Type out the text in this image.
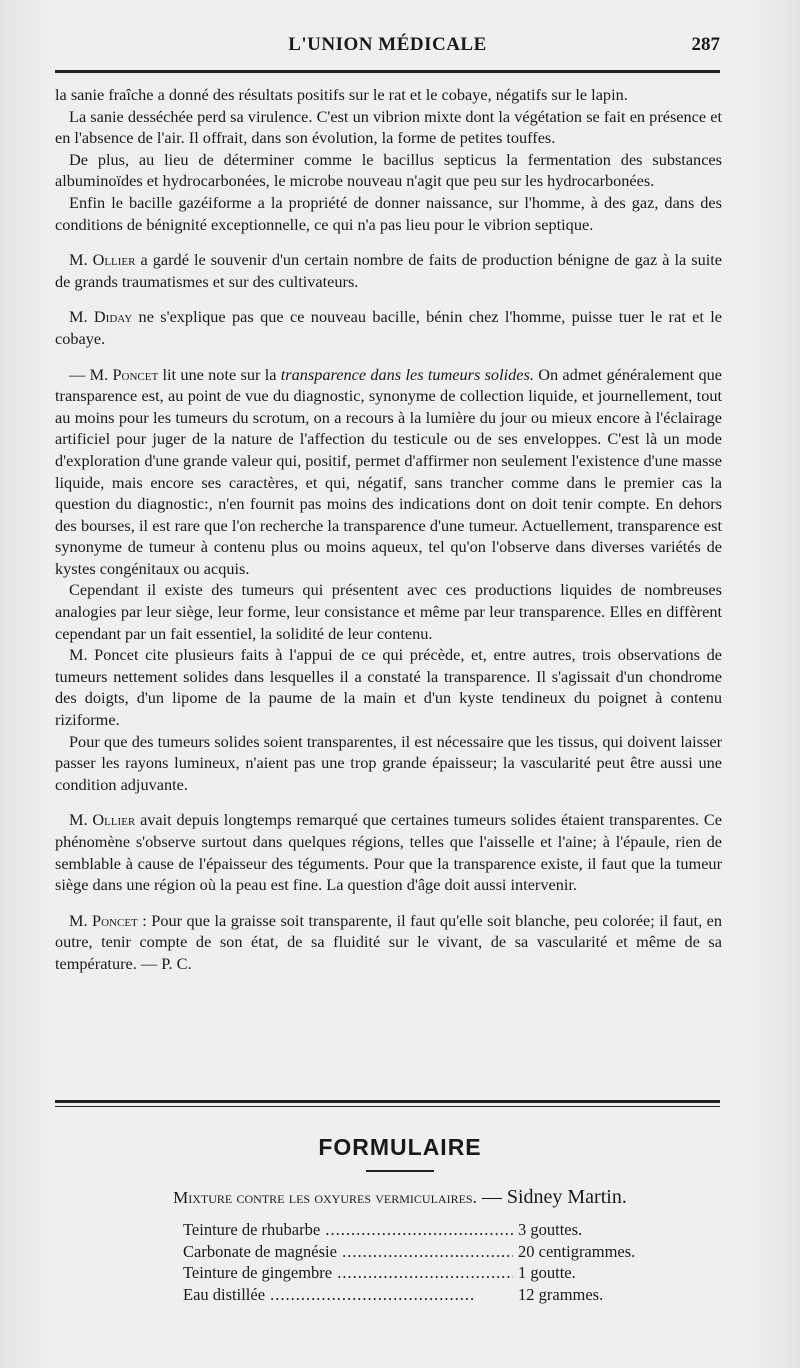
L'UNION MÉDICALE	287

la sanie fraîche a donné des résultats positifs sur le rat et le cobaye, négatifs sur le lapin.

La sanie desséchée perd sa virulence. C'est un vibrion mixte dont la végétation se fait en présence et en l'absence de l'air. Il offrait, dans son évolution, la forme de petites touffes.

De plus, au lieu de déterminer comme le bacillus septicus la fermentation des substances albuminoïdes et hydrocarbonées, le microbe nouveau n'agit que peu sur les hydrocarbonées.

Enfin le bacille gazéiforme a la propriété de donner naissance, sur l'homme, à des gaz, dans des conditions de bénignité exceptionnelle, ce qui n'a pas lieu pour le vibrion septique.

M. Ollier a gardé le souvenir d'un certain nombre de faits de production bénigne de gaz à la suite de grands traumatismes et sur des cultivateurs.

M. Diday ne s'explique pas que ce nouveau bacille, bénin chez l'homme, puisse tuer le rat et le cobaye.

— M. Poncet lit une note sur la transparence dans les tumeurs solides. On admet généralement que transparence est, au point de vue du diagnostic, synonyme de collection liquide, et journellement, tout au moins pour les tumeurs du scrotum, on a recours à la lumière du jour ou mieux encore à l'éclairage artificiel pour juger de la nature de l'affection du testicule ou de ses enveloppes. C'est là un mode d'exploration d'une grande valeur qui, positif, permet d'affirmer non seulement l'existence d'une masse liquide, mais encore ses caractères, et qui, négatif, sans trancher comme dans le premier cas la question du diagnostic:, n'en fournit pas moins des indications dont on doit tenir compte. En dehors des bourses, il est rare que l'on recherche la transparence d'une tumeur. Actuellement, transparence est synonyme de tumeur à contenu plus ou moins aqueux, tel qu'on l'observe dans diverses variétés de kystes congénitaux ou acquis.

Cependant il existe des tumeurs qui présentent avec ces productions liquides de nombreuses analogies par leur siège, leur forme, leur consistance et même par leur transparence. Elles en diffèrent cependant par un fait essentiel, la solidité de leur contenu.

M. Poncet cite plusieurs faits à l'appui de ce qui précède, et, entre autres, trois observations de tumeurs nettement solides dans lesquelles il a constaté la transparence. Il s'agissait d'un chondrome des doigts, d'un lipome de la paume de la main et d'un kyste tendineux du poignet à contenu riziforme.

Pour que des tumeurs solides soient transparentes, il est nécessaire que les tissus, qui doivent laisser passer les rayons lumineux, n'aient pas une trop grande épaisseur; la vascularité peut être aussi une condition adjuvante.

M. Ollier avait depuis longtemps remarqué que certaines tumeurs solides étaient transparentes. Ce phénomène s'observe surtout dans quelques régions, telles que l'aisselle et l'aine; à l'épaule, rien de semblable à cause de l'épaisseur des téguments. Pour que la transparence existe, il faut que la tumeur siège dans une région où la peau est fine. La question d'âge doit aussi intervenir.

M. Poncet : Pour que la graisse soit transparente, il faut qu'elle soit blanche, peu colorée; il faut, en outre, tenir compte de son état, de sa fluidité sur le vivant, de sa vascularité et même de sa température. — P. C.

FORMULAIRE
Mixture contre les oxyures vermiculaires. — Sidney Martin.
Teinture de rhubarbe .....	3 gouttes.
Carbonate de magnésie .....	20 centigrammes.
Teinture de gingembre .....	1 goutte.
Eau distillée .....	12 grammes.
